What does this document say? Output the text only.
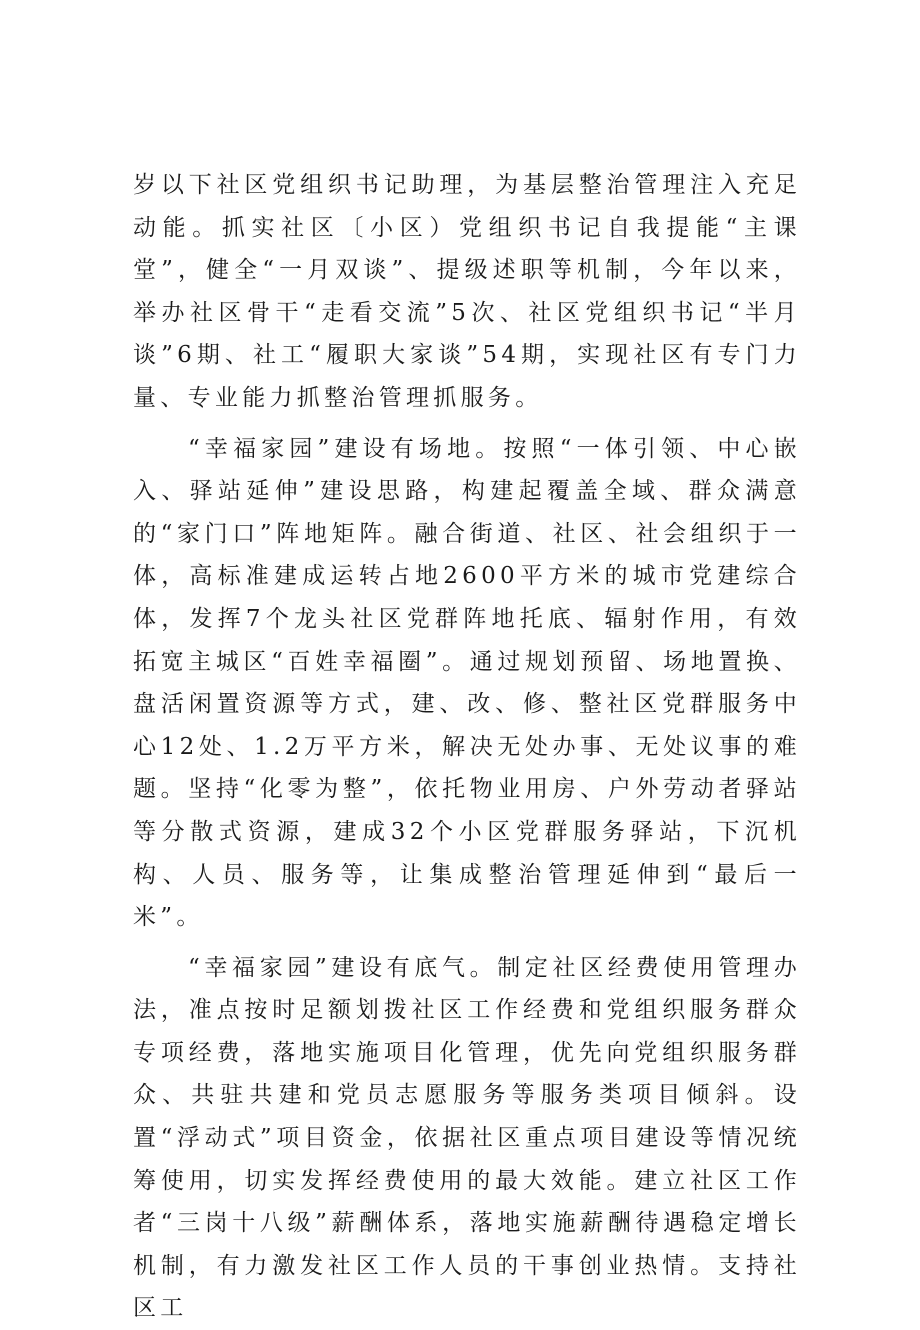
岁以下社区党组织书记助理，为基层整治管理注入充足动能。抓实社区〔小区）党组织书记自我提能“主课堂”，健全“一月双谈”、提级述职等机制，今年以来，举办社区骨干“走看交流”5次、社区党组织书记“半月谈”6期、社工“履职大家谈”54期，实现社区有专门力量、专业能力抓整治管理抓服务。

“幸福家园”建设有场地。按照“一体引领、中心嵌入、驿站延伸”建设思路，构建起覆盖全域、群众满意的“家门口”阵地矩阵。融合街道、社区、社会组织于一体，高标准建成运转占地2600平方米的城市党建综合体，发挥7个龙头社区党群阵地托底、辐射作用，有效拓宽主城区“百姓幸福圈”。通过规划预留、场地置换、盘活闲置资源等方式，建、改、修、整社区党群服务中心12处、1.2万平方米，解决无处办事、无处议事的难题。坚持“化零为整”，依托物业用房、户外劳动者驿站等分散式资源，建成32个小区党群服务驿站，下沉机构、人员、服务等，让集成整治管理延伸到“最后一米”。

“幸福家园”建设有底气。制定社区经费使用管理办法，准点按时足额划拨社区工作经费和党组织服务群众专项经费，落地实施项目化管理，优先向党组织服务群众、共驻共建和党员志愿服务等服务类项目倾斜。设置“浮动式”项目资金，依据社区重点项目建设等情况统筹使用，切实发挥经费使用的最大效能。建立社区工作者“三岗十八级”薪酬体系，落地实施薪酬待遇稳定增长机制，有力激发社区工作人员的干事创业热情。支持社区工
